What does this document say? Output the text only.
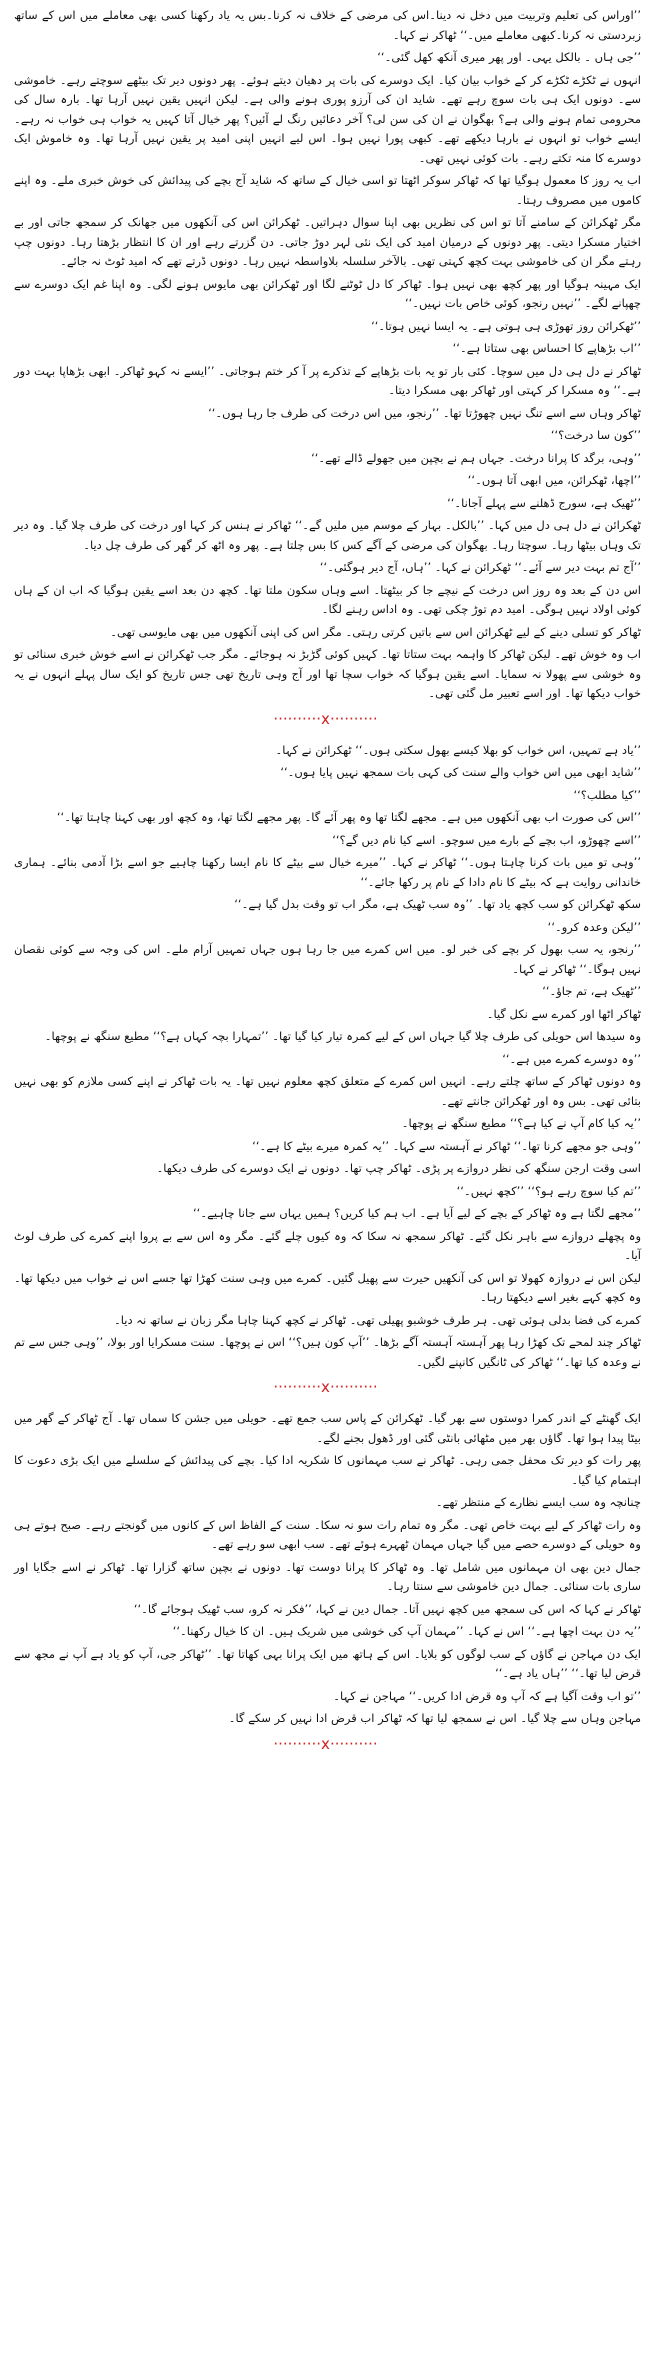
’’اوراس کی تعلیم وتربیت میں دخل نہ دینا۔اس کی مرضی کے خلاف نہ کرنا۔بس یہ یاد رکھنا کسی بھی معاملے میں اس کے ساتھ زبردستی نہ کرنا۔کبھی معاملے میں۔‘‘ ٹھاکر نے کہا۔

’’جی ہاں ۔ بالکل یہی۔ اور پھر میری آنکھ کھل گئی۔‘‘

انہوں نے ٹکڑے ٹکڑے کر کے خواب بیان کیا۔ ایک دوسرے کی بات پر دھیان دیتے ہوئے۔ پھر دونوں دیر تک بیٹھے سوچتے رہے۔ خاموشی سے۔ دونوں ایک ہی بات سوچ رہے تھے۔ شاید ان کی آرزو پوری ہونے والی ہے۔ لیکن انہیں یقین نہیں آرہا تھا۔ بارہ سال کی محرومی تمام ہونے والی ہے؟ بھگوان نے ان کی سن لی؟ آخر دعائیں رنگ لے آئیں؟ پھر خیال آتا کہیں یہ خواب ہی خواب نہ رہے۔ ایسے خواب تو انہوں نے بارہا دیکھے تھے۔ کبھی پورا نہیں ہوا۔ اس لیے انہیں اپنی امید پر یقین نہیں آرہا تھا۔ وہ خاموش ایک دوسرے کا منہ تکتے رہے۔ بات کوئی نہیں تھی۔

اب یہ روز کا معمول ہوگیا تھا کہ ٹھاکر سوکر اٹھتا تو اسی خیال کے ساتھ کہ شاید آج بچے کی پیدائش کی خوش خبری ملے۔ وہ اپنے کاموں میں مصروف رہتا۔

مگر ٹھکرائن کے سامنے آتا تو اس کی نظریں بھی اپنا سوال دہراتیں۔ ٹھکرائن اس کی آنکھوں میں جھانک کر سمجھ جاتی اور بے اختیار مسکرا دیتی۔ پھر دونوں کے درمیان امید کی ایک نئی لہر دوڑ جاتی۔ دن گزرتے رہے اور ان کا انتظار بڑھتا رہا۔ دونوں چپ رہتے مگر ان کی خاموشی بہت کچھ کہتی تھی۔ بالآخر سلسلہ بلاواسطہ نہیں رہا۔ دونوں ڈرتے تھے کہ امید ٹوٹ نہ جائے۔

ایک مہینہ ہوگیا اور پھر کچھ بھی نہیں ہوا۔ ٹھاکر کا دل ٹوٹنے لگا اور ٹھکرائن بھی مایوس ہونے لگی۔ وہ اپنا غم ایک دوسرے سے چھپانے لگے۔ ’’نہیں رنجو، کوئی خاص بات نہیں۔‘‘

’’ٹھکرائن روز تھوڑی ہی ہوتی ہے۔ یہ ایسا نہیں ہوتا۔‘‘

’’اب بڑھاپے کا احساس بھی ستاتا ہے۔‘‘

ٹھاکر نے دل ہی دل میں سوچا۔ کئی بار تو یہ بات بڑھاپے کے تذکرے پر آ کر ختم ہوجاتی۔ ’’ایسے نہ کہو ٹھاکر۔ ابھی بڑھاپا بہت دور ہے۔‘‘ وہ مسکرا کر کہتی اور ٹھاکر بھی مسکرا دیتا۔

ٹھاکر وہاں سے اسے تنگ نہیں چھوڑتا تھا۔ ’’رنجو، میں اس درخت کی طرف جا رہا ہوں۔‘‘

’’کون سا درخت؟‘‘

’’وہی، برگد کا پرانا درخت۔ جہاں ہم نے بچپن میں جھولے ڈالے تھے۔‘‘

’’اچھا، ٹھکرائن، میں ابھی آتا ہوں۔‘‘

’’ٹھیک ہے، سورج ڈھلنے سے پہلے آجانا۔‘‘

ٹھکرائن نے دل ہی دل میں کہا۔ ’’بالکل۔ بہار کے موسم میں ملیں گے۔‘‘ ٹھاکر نے ہنس کر کہا اور درخت کی طرف چلا گیا۔ وہ دیر تک وہاں بیٹھا رہا۔ سوچتا رہا۔ بھگوان کی مرضی کے آگے کس کا بس چلتا ہے۔ پھر وہ اٹھ کر گھر کی طرف چل دیا۔

’’آج تم بہت دیر سے آئے۔‘‘ ٹھکرائن نے کہا۔ ’’ہاں، آج دیر ہوگئی۔‘‘

اس دن کے بعد وہ روز اس درخت کے نیچے جا کر بیٹھتا۔ اسے وہاں سکون ملتا تھا۔ کچھ دن بعد اسے یقین ہوگیا کہ اب ان کے ہاں کوئی اولاد نہیں ہوگی۔ امید دم توڑ چکی تھی۔ وہ اداس رہنے لگا۔

ٹھاکر کو تسلی دینے کے لیے ٹھکرائن اس سے باتیں کرتی رہتی۔ مگر اس کی اپنی آنکھوں میں بھی مایوسی تھی۔

اب وہ خوش تھے۔ لیکن ٹھاکر کا واہمہ بہت ستاتا تھا۔ کہیں کوئی گڑبڑ نہ ہوجائے۔ مگر جب ٹھکرائن نے اسے خوش خبری سنائی تو وہ خوشی سے پھولا نہ سمایا۔ اسے یقین ہوگیا کہ خواب سچا تھا اور آج وہی تاریخ تھی جس تاریخ کو ایک سال پہلے انہوں نے یہ خواب دیکھا تھا۔ اور اسے تعبیر مل گئی تھی۔

··········x··········

’’یاد ہے تمہیں، اس خواب کو بھلا کیسے بھول سکتی ہوں۔‘‘ ٹھکرائن نے کہا۔

’’شاید ابھی میں اس خواب والے سنت کی کہی بات سمجھ نہیں پایا ہوں۔‘‘

’’کیا مطلب؟‘‘

’’اس کی صورت اب بھی آنکھوں میں ہے۔ مجھے لگتا تھا وہ پھر آئے گا۔ پھر مجھے لگتا تھا، وہ کچھ اور بھی کہنا چاہتا تھا۔‘‘

’’اسے چھوڑو، اب بچے کے بارے میں سوچو۔ اسے کیا نام دیں گے؟‘‘

’’وہی تو میں بات کرنا چاہتا ہوں۔‘‘ ٹھاکر نے کہا۔ ’’میرے خیال سے بیٹے کا نام ایسا رکھنا چاہیے جو اسے بڑا آدمی بنائے۔ ہماری خاندانی روایت ہے کہ بیٹے کا نام دادا کے نام پر رکھا جائے۔‘‘

سکھ ٹھکرائن کو سب کچھ یاد تھا۔ ’’وہ سب ٹھیک ہے، مگر اب تو وقت بدل گیا ہے۔‘‘

’’لیکن وعدہ کرو۔‘‘

’’رنجو، یہ سب بھول کر بچے کی خبر لو۔ میں اس کمرے میں جا رہا ہوں جہاں تمہیں آرام ملے۔ اس کی وجہ سے کوئی نقصان نہیں ہوگا۔‘‘ ٹھاکر نے کہا۔

’’ٹھیک ہے، تم جاؤ۔‘‘

ٹھاکر اٹھا اور کمرے سے نکل گیا۔

وہ سیدھا اس حویلی کی طرف چلا گیا جہاں اس کے لیے کمرہ تیار کیا گیا تھا۔ ’’تمہارا بچہ کہاں ہے؟‘‘ مطیع سنگھ نے پوچھا۔

’’وہ دوسرے کمرے میں ہے۔‘‘

وہ دونوں ٹھاکر کے ساتھ چلتے رہے۔ انہیں اس کمرے کے متعلق کچھ معلوم نہیں تھا۔ یہ بات ٹھاکر نے اپنے کسی ملازم کو بھی نہیں بتائی تھی۔ بس وہ اور ٹھکرائن جانتے تھے۔

’’یہ کیا کام آپ نے کیا ہے؟‘‘ مطیع سنگھ نے پوچھا۔

’’وہی جو مجھے کرنا تھا۔‘‘ ٹھاکر نے آہستہ سے کہا۔ ’’یہ کمرہ میرے بیٹے کا ہے۔‘‘

اسی وقت ارجن سنگھ کی نظر دروازے پر پڑی۔ ٹھاکر چپ تھا۔ دونوں نے ایک دوسرے کی طرف دیکھا۔

’’تم کیا سوچ رہے ہو؟‘‘ ’’کچھ نہیں۔‘‘

’’مجھے لگتا ہے وہ ٹھاکر کے بچے کے لیے آیا ہے۔ اب ہم کیا کریں؟ ہمیں یہاں سے جانا چاہیے۔‘‘

وہ پچھلے دروازے سے باہر نکل گئے۔ ٹھاکر سمجھ نہ سکا کہ وہ کیوں چلے گئے۔ مگر وہ اس سے بے پروا اپنے کمرے کی طرف لوٹ آیا۔

لیکن اس نے دروازہ کھولا تو اس کی آنکھیں حیرت سے پھیل گئیں۔ کمرے میں وہی سنت کھڑا تھا جسے اس نے خواب میں دیکھا تھا۔ وہ کچھ کہے بغیر اسے دیکھتا رہا۔

کمرے کی فضا بدلی ہوئی تھی۔ ہر طرف خوشبو پھیلی تھی۔ ٹھاکر نے کچھ کہنا چاہا مگر زبان نے ساتھ نہ دیا۔

ٹھاکر چند لمحے تک کھڑا رہا پھر آہستہ آہستہ آگے بڑھا۔ ’’آپ کون ہیں؟‘‘ اس نے پوچھا۔ سنت مسکرایا اور بولا، ’’وہی جس سے تم نے وعدہ کیا تھا۔‘‘ ٹھاکر کی ٹانگیں کانپنے لگیں۔

··········x··········

ایک گھنٹے کے اندر کمرا دوستوں سے بھر گیا۔ ٹھکرائن کے پاس سب جمع تھے۔ حویلی میں جشن کا سماں تھا۔ آج ٹھاکر کے گھر میں بیٹا پیدا ہوا تھا۔ گاؤں بھر میں مٹھائی بانٹی گئی اور ڈھول بجنے لگے۔

پھر رات کو دیر تک محفل جمی رہی۔ ٹھاکر نے سب مہمانوں کا شکریہ ادا کیا۔ بچے کی پیدائش کے سلسلے میں ایک بڑی دعوت کا اہتمام کیا گیا۔

چنانچہ وہ سب ایسے نظارے کے منتظر تھے۔

وہ رات ٹھاکر کے لیے بہت خاص تھی۔ مگر وہ تمام رات سو نہ سکا۔ سنت کے الفاظ اس کے کانوں میں گونجتے رہے۔ صبح ہوتے ہی وہ حویلی کے دوسرے حصے میں گیا جہاں مہمان ٹھہرے ہوئے تھے۔ سب ابھی سو رہے تھے۔

جمال دین بھی ان مہمانوں میں شامل تھا۔ وہ ٹھاکر کا پرانا دوست تھا۔ دونوں نے بچپن ساتھ گزارا تھا۔ ٹھاکر نے اسے جگایا اور ساری بات سنائی۔ جمال دین خاموشی سے سنتا رہا۔

ٹھاکر نے کہا کہ اس کی سمجھ میں کچھ نہیں آتا۔ جمال دین نے کہا، ’’فکر نہ کرو، سب ٹھیک ہوجائے گا۔‘‘

’’یہ دن بہت اچھا ہے۔‘‘ اس نے کہا۔ ’’مہمان آپ کی خوشی میں شریک ہیں۔ ان کا خیال رکھنا۔‘‘

ایک دن مہاجن نے گاؤں کے سب لوگوں کو بلایا۔ اس کے ہاتھ میں ایک پرانا بہی کھاتا تھا۔ ’’ٹھاکر جی، آپ کو یاد ہے آپ نے مجھ سے قرض لیا تھا۔‘‘ ’’ہاں یاد ہے۔‘‘

’’تو اب وقت آگیا ہے کہ آپ وہ قرض ادا کریں۔‘‘ مہاجن نے کہا۔

مہاجن وہاں سے چلا گیا۔ اس نے سمجھ لیا تھا کہ ٹھاکر اب قرض ادا نہیں کر سکے گا۔

··········x··········
